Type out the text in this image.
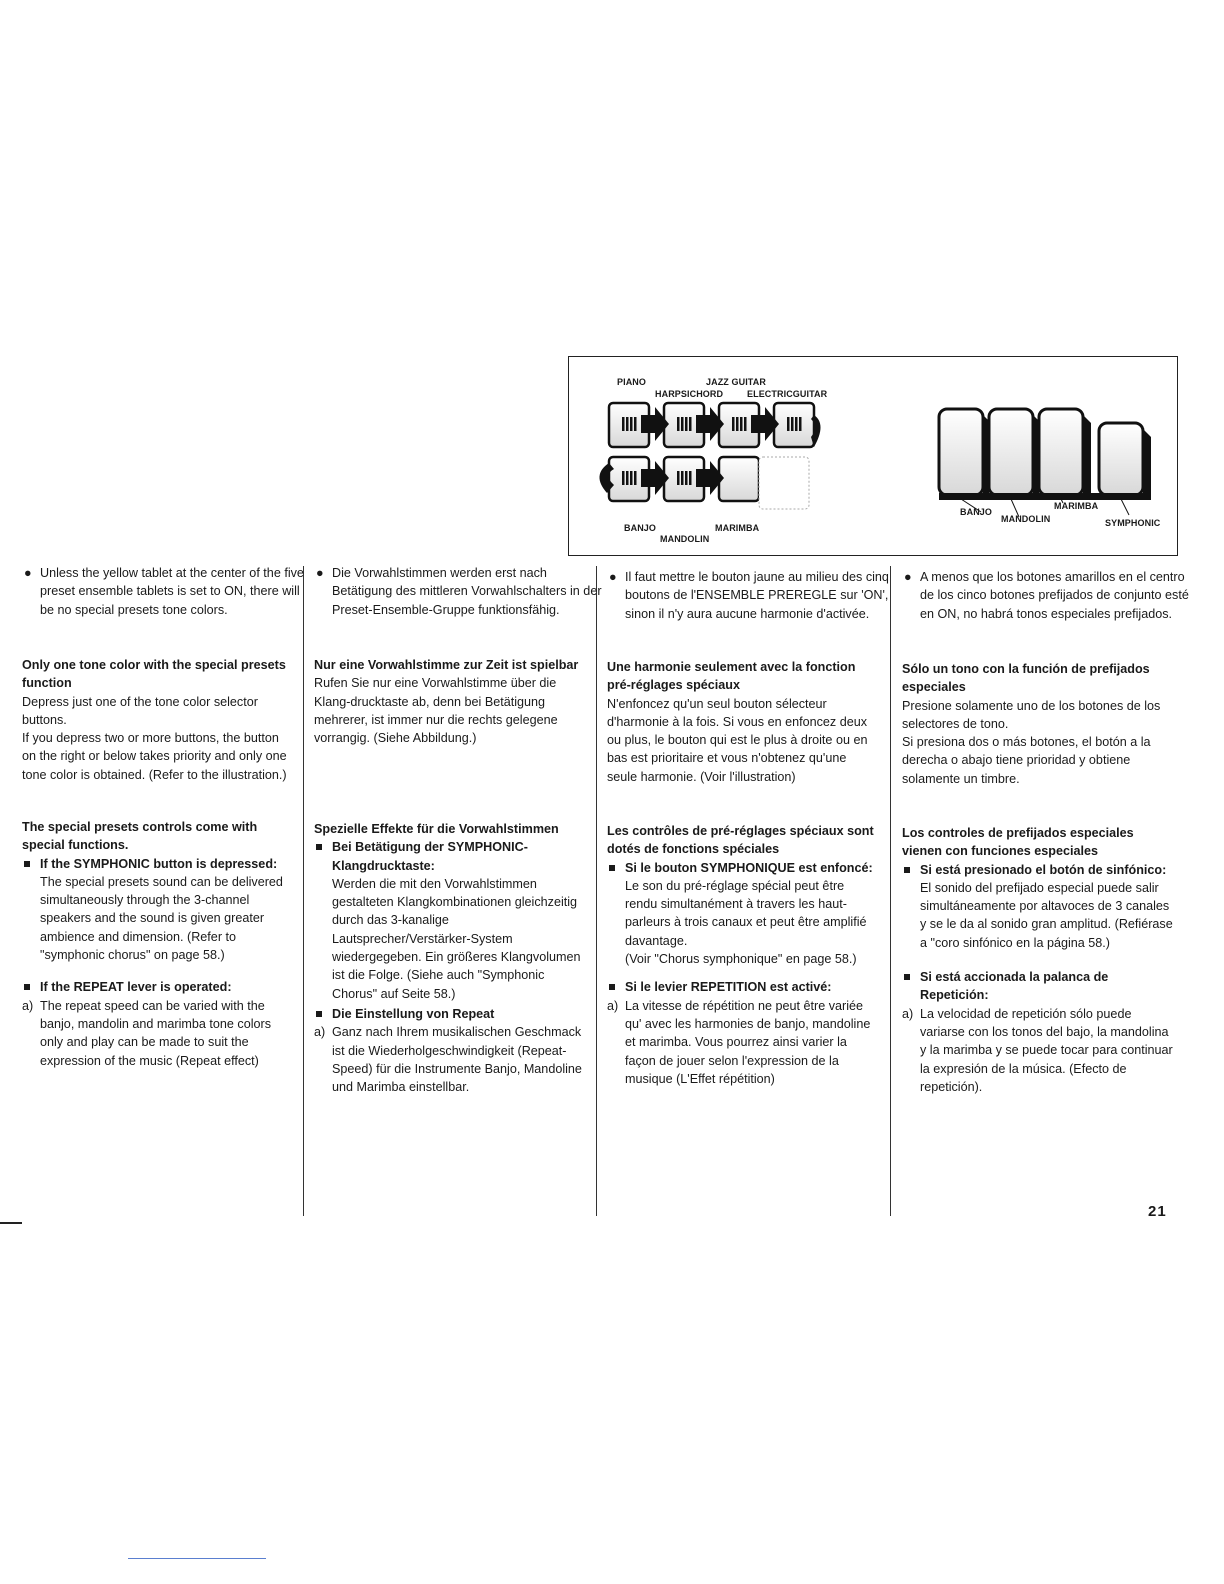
PIANO	JAZZ GUITAR
HARPSICHORD	ELECTRICGUITAR
BANJO	MARIMBA
MANDOLIN
BANJO
MARIMBA
MANDOLIN	SYMPHONIC
● Unless the yellow tablet at the center of the five preset ensemble tablets is set to ON, there will be no special presets tone colors.
Only one tone color with the special presets function
Depress just one of the tone color selector buttons.
If you depress two or more buttons, the button on the right or below takes priority and only one tone color is obtained. (Refer to the illustration.)
The special presets controls come with special functions.
If the SYMPHONIC button is depressed:
The special presets sound can be delivered simultaneously through the 3-channel speakers and the sound is given greater ambience and dimension. (Refer to "symphonic chorus" on page 58.)
If the REPEAT lever is operated:
a) The repeat speed can be varied with the banjo, mandolin and marimba tone colors only and play can be made to suit the expression of the music (Repeat effect)
● Die Vorwahlstimmen werden erst nach Betätigung des mittleren Vorwahlschalters in der Preset-Ensemble-Gruppe funktionsfähig.
Nur eine Vorwahlstimme zur Zeit ist spielbar
Rufen Sie nur eine Vorwahlstimme über die Klang-drucktaste ab, denn bei Betätigung mehrerer, ist immer nur die rechts gelegene vorrangig. (Siehe Abbildung.)
Spezielle Effekte für die Vorwahlstimmen
Bei Betätigung der SYMPHONIC-Klangdrucktaste:
Werden die mit den Vorwahlstimmen gestalteten Klangkombinationen gleichzeitig durch das 3-kanalige Lautsprecher/Verstärker-System wiedergegeben. Ein größeres Klangvolumen ist die Folge. (Siehe auch "Symphonic Chorus" auf Seite 58.)
Die Einstellung von Repeat
a) Ganz nach Ihrem musikalischen Geschmack ist die Wiederholgeschwindigkeit (Repeat-Speed) für die Instrumente Banjo, Mandoline und Marimba einstellbar.
● Il faut mettre le bouton jaune au milieu des cinq boutons de l'ENSEMBLE PREREGLE sur 'ON', sinon il n'y aura aucune harmonie d'activée.
Une harmonie seulement avec la fonction pré-réglages spéciaux
N'enfoncez qu'un seul bouton sélecteur d'harmonie à la fois. Si vous en enfoncez deux ou plus, le bouton qui est le plus à droite ou en bas est prioritaire et vous n'obtenez qu'une seule harmonie. (Voir l'illustration)
Les contrôles de pré-réglages spéciaux sont dotés de fonctions spéciales
Si le bouton SYMPHONIQUE est enfoncé:
Le son du pré-réglage spécial peut être rendu simultanément à travers les haut-parleurs à trois canaux et peut être amplifié davantage.
(Voir "Chorus symphonique" en page 58.)
Si le levier REPETITION est activé:
a) La vitesse de répétition ne peut être variée qu' avec les harmonies de banjo, mandoline et marimba. Vous pourrez ainsi varier la façon de jouer selon l'expression de la musique (L'Effet répétition)
● A menos que los botones amarillos en el centro de los cinco botones prefijados de conjunto esté en ON, no habrá tonos especiales prefijados.
Sólo un tono con la función de prefijados especiales
Presione solamente uno de los botones de los selectores de tono.
Si presiona dos o más botones, el botón a la derecha o abajo tiene prioridad y obtiene solamente un timbre.
Los controles de prefijados especiales vienen con funciones especiales
Si está presionado el botón de sinfónico:
El sonido del prefijado especial puede salir simultáneamente por altavoces de 3 canales y se le da al sonido gran amplitud. (Refiérase a "coro sinfónico en la página 58.)
Si está accionada la palanca de Repetición:
a) La velocidad de repetición sólo puede variarse con los tonos del bajo, la mandolina y la marimba y se puede tocar para continuar la expresión de la música. (Efecto de repetición).
21
